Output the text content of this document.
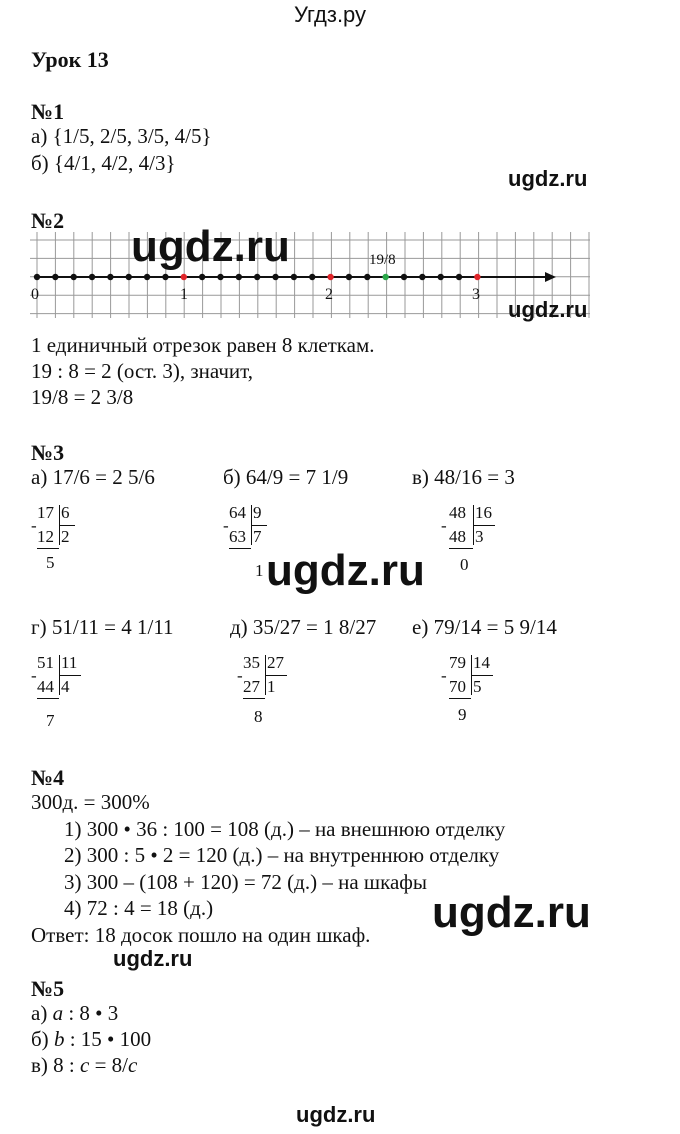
Угдз.ру
Урок 13
№1
а) {1/5, 2/5, 3/5, 4/5}
б) {4/1, 4/2, 4/3}
ugdz.ru
№2
19/8
0	1	2	3
ugdz.ru
ugdz.ru
1 единичный отрезок равен 8 клеткам.
19 : 8 = 2 (ост. 3), значит,
19/8 = 2 3/8
№3
а) 17/6 = 2 5/6	б) 64/9 = 7 1/9	в) 48/16 = 3
17 6
-
12 2
5
64 9
-
63 7
1
48 16
-
48 3
0
ugdz.ru
г) 51/11 = 4 1/11	д) 35/27 = 1 8/27 е) 79/14 = 5 9/14
51 11
-
44 4
7
35 27
-
27 1
8
79 14
-
70 5
9
№4
300д. = 300%
1) 300 • 36 : 100 = 108 (д.) – на внешнюю отделку
2) 300 : 5 • 2 = 120 (д.) – на внутреннюю отделку
3) 300 – (108 + 120) = 72 (д.) – на шкафы
4) 72 : 4 = 18 (д.)
Ответ: 18 досок пошло на один шкаф. ugdz.ru
ugdz.ru
№5
а) a : 8 • 3
б) b : 15 • 100
в) 8 : c = 8/c
ugdz.ru
